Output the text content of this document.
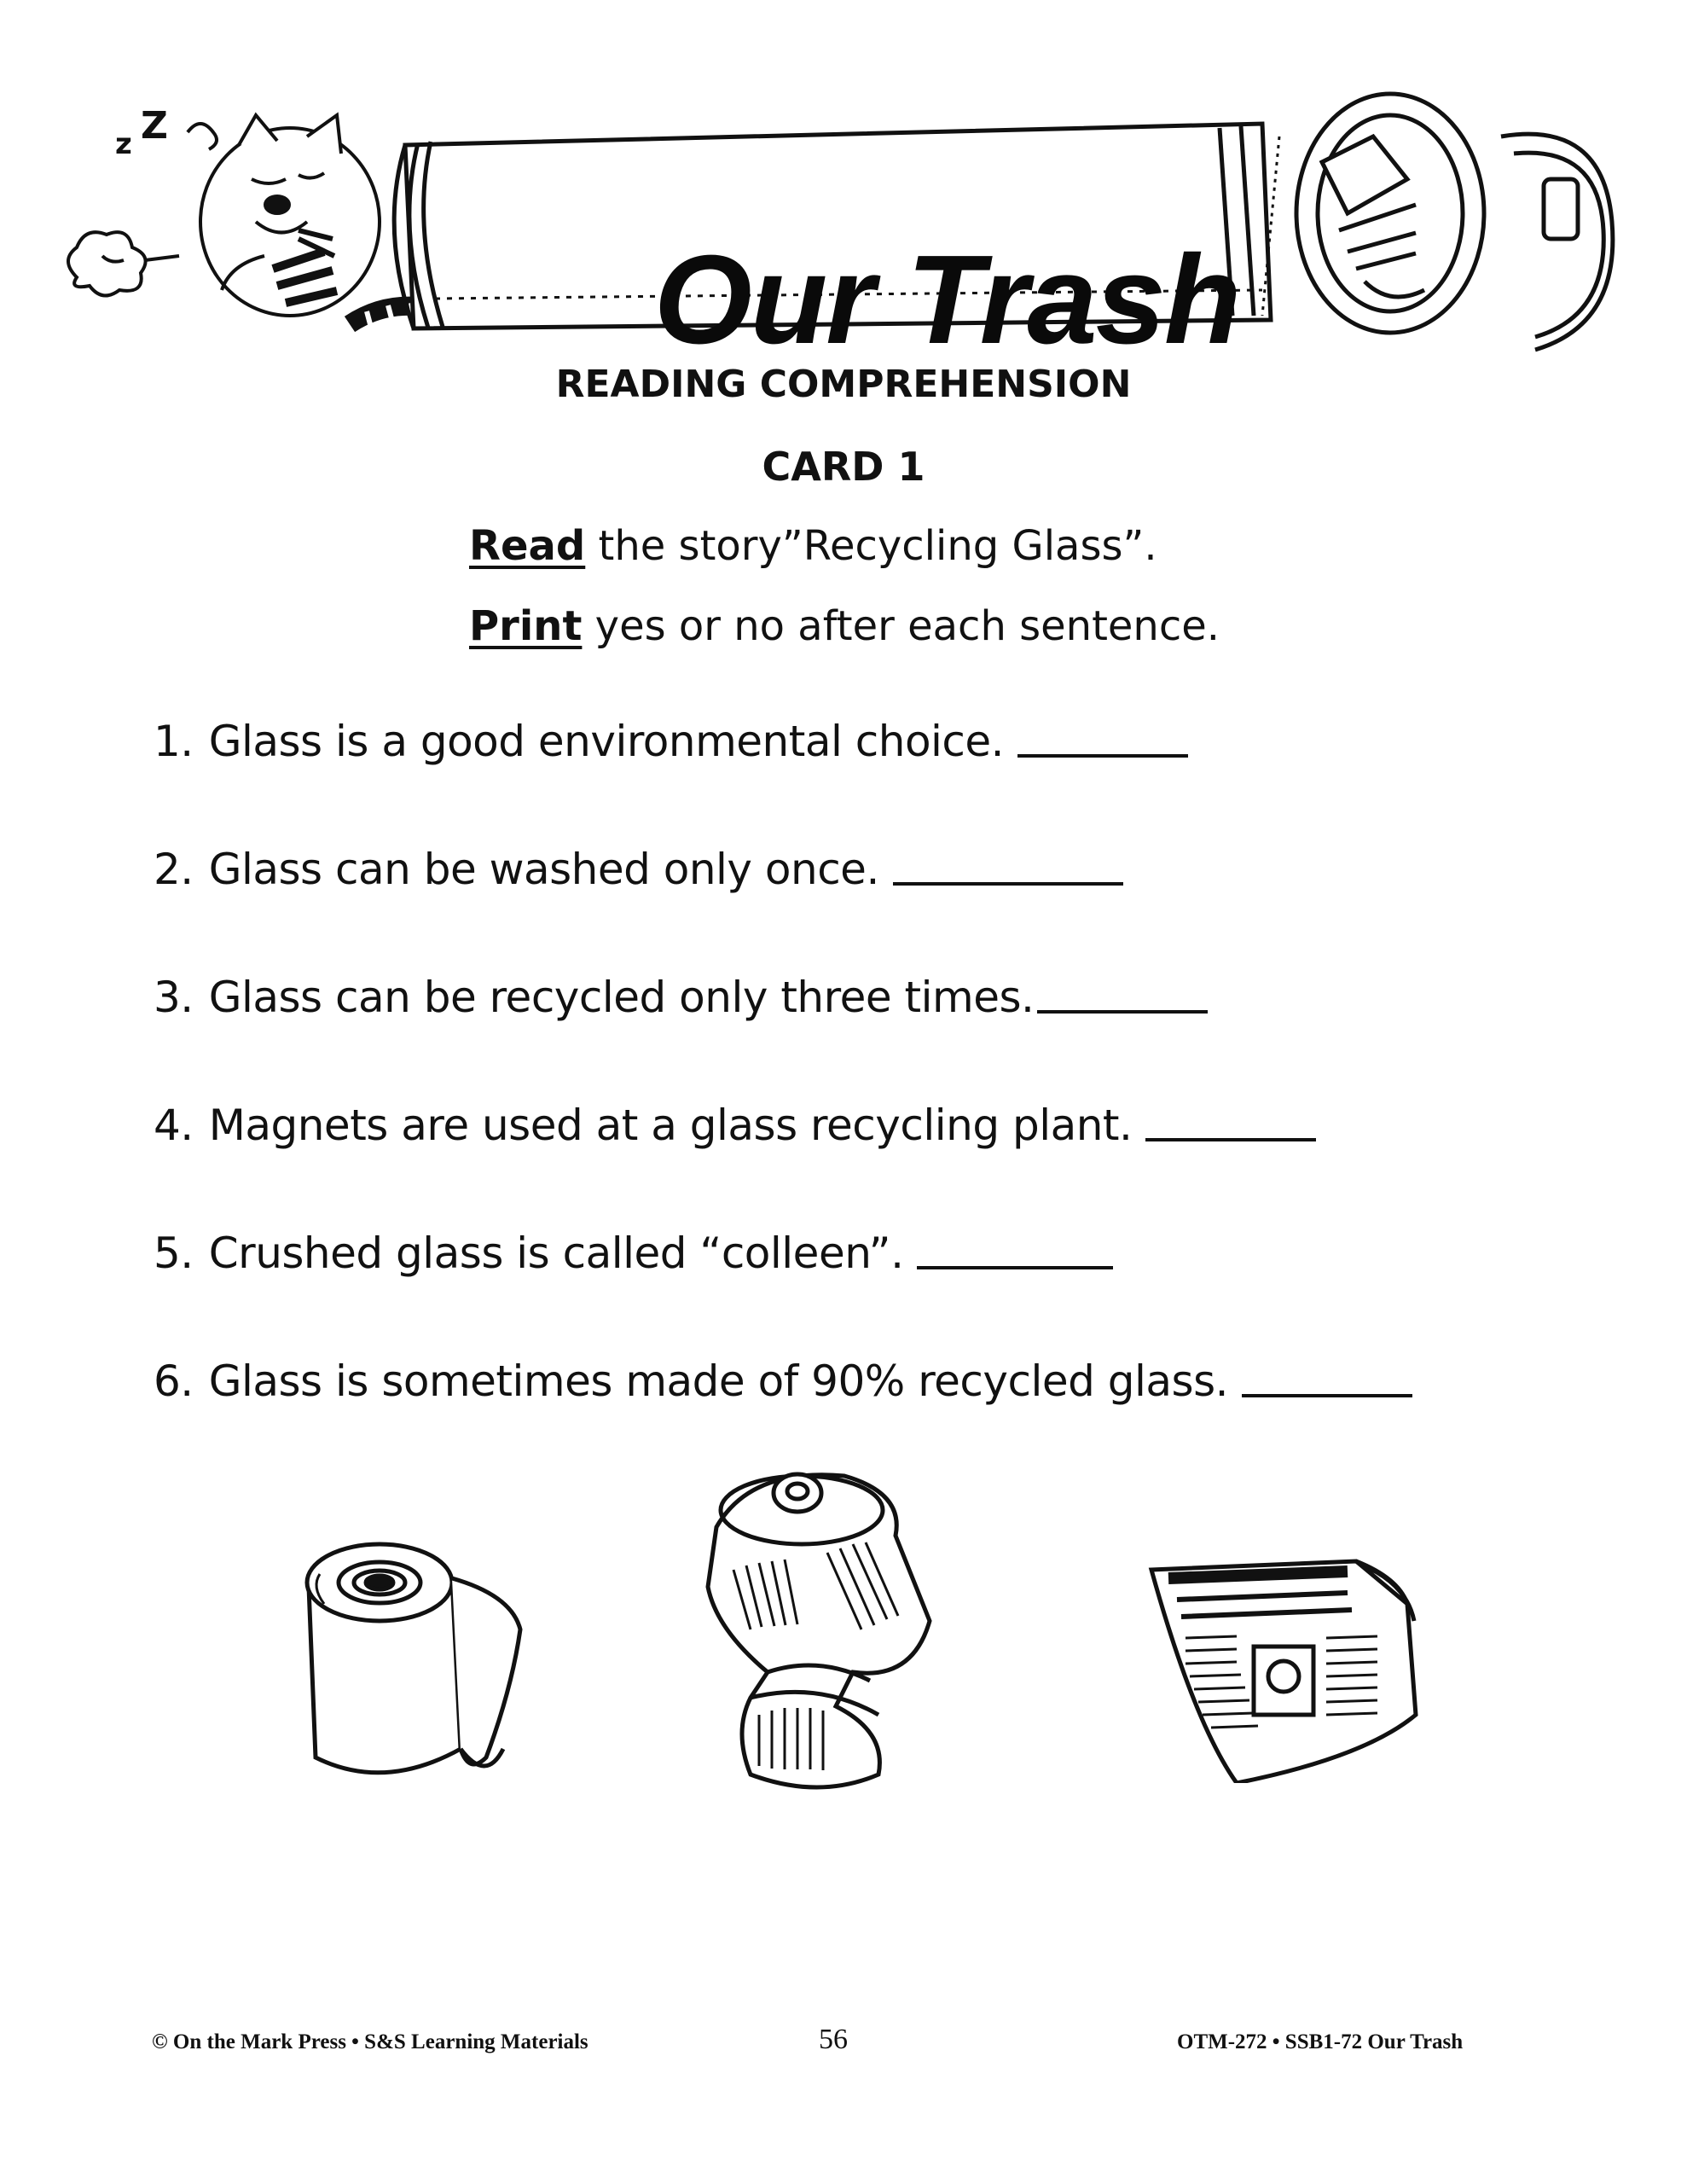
z Z
Our Trash
READING COMPREHENSION
CARD 1
Read the story”Recycling Glass”.
Print yes or no after each sentence.
1. Glass is a good environmental choice.
2. Glass can be washed only once.
3. Glass can be recycled only three times.
4. Magnets are used at a glass recycling plant.
5. Crushed glass is called “colleen”.
6. Glass is sometimes made of 90% recycled glass.
© On the Mark Press • S&S Learning Materials	56	OTM-272 • SSB1-72 Our Trash
